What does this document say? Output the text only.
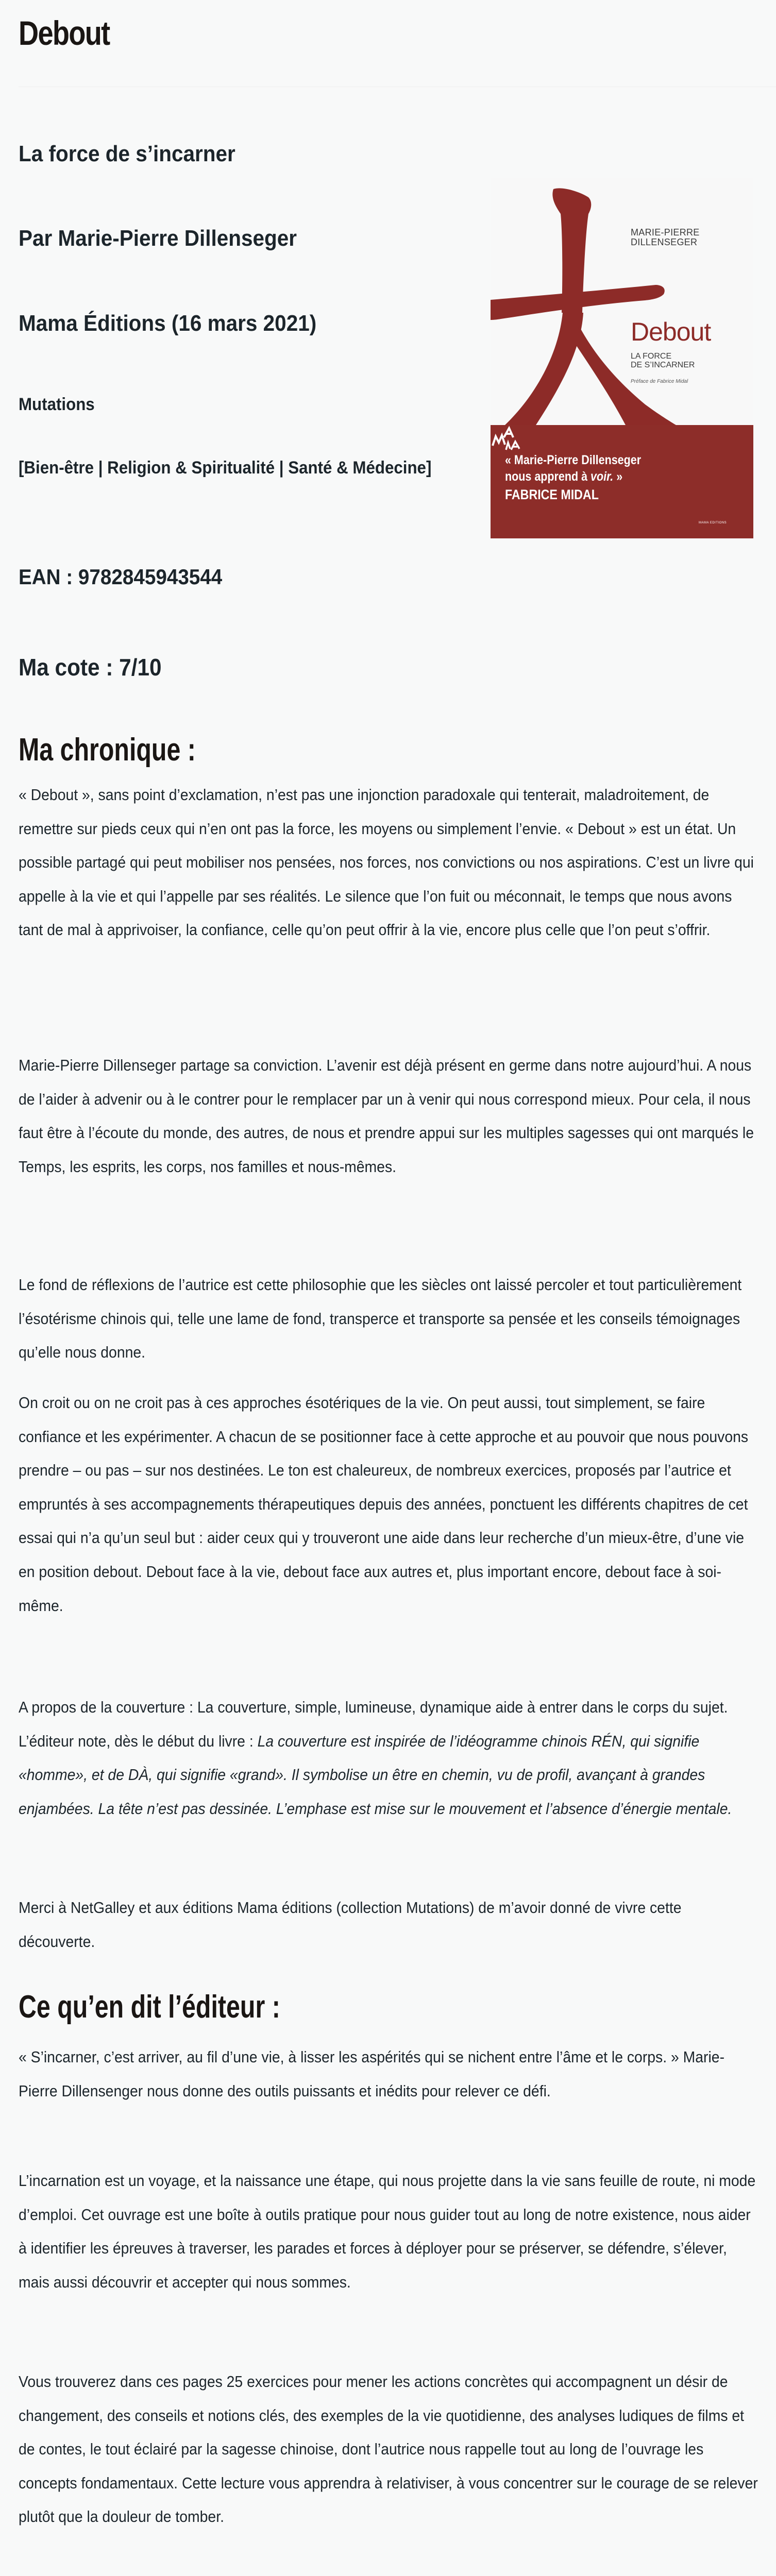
Debout
La force de s’incarner
Par Marie-Pierre Dillenseger
Mama Éditions (16 mars 2021)
Mutations
[Bien-être | Religion & Spiritualité | Santé & Médecine]
EAN : 9782845943544
Ma cote : 7/10
MARIE-PIERRE
DILLENSEGER
Debout
LA FORCE
DE S’INCARNER
Préface de Fabrice Midal
« Marie-Pierre Dillenseger
nous apprend à voir. »
FABRICE MIDAL
MAMA EDITIONS
Ma chronique :

« Debout », sans point d’exclamation, n’est pas une injonction paradoxale qui tenterait, maladroitement, de remettre sur pieds ceux qui n’en ont pas la force, les moyens ou simplement l’envie. « Debout » est un état. Un possible partagé qui peut mobiliser nos pensées, nos forces, nos convictions ou nos aspirations. C’est un livre qui appelle à la vie et qui l’appelle par ses réalités. Le silence que l’on fuit ou méconnait, le temps que nous avons tant de mal à apprivoiser, la confiance, celle qu’on peut offrir à la vie, encore plus celle que l’on peut s’offrir.

Marie-Pierre Dillenseger partage sa conviction. L’avenir est déjà présent en germe dans notre aujourd’hui. A nous de l’aider à advenir ou à le contrer pour le remplacer par un à venir qui nous correspond mieux. Pour cela, il nous faut être à l’écoute du monde, des autres, de nous et prendre appui sur les multiples sagesses qui ont marqués le Temps, les esprits, les corps, nos familles et nous-mêmes.

Le fond de réflexions de l’autrice est cette philosophie que les siècles ont laissé percoler et tout particulièrement l’ésotérisme chinois qui, telle une lame de fond, transperce et transporte sa pensée et les conseils témoignages qu’elle nous donne.

On croit ou on ne croit pas à ces approches ésotériques de la vie. On peut aussi, tout simplement, se faire confiance et les expérimenter. A chacun de se positionner face à cette approche et au pouvoir que nous pouvons prendre – ou pas – sur nos destinées. Le ton est chaleureux, de nombreux exercices, proposés par l’autrice et empruntés à ses accompagnements thérapeutiques depuis des années, ponctuent les différents chapitres de cet essai qui n’a qu’un seul but : aider ceux qui y trouveront une aide dans leur recherche d’un mieux-être, d’une vie en position debout. Debout face à la vie, debout face aux autres et, plus important encore, debout face à soi-même.

A propos de la couverture : La couverture, simple, lumineuse, dynamique aide à entrer dans le corps du sujet. L’éditeur note, dès le début du livre : La couverture est inspirée de l’idéogramme chinois RÉN, qui signifie «homme», et de DÀ, qui signifie «grand». Il symbolise un être en chemin, vu de profil, avançant à grandes enjambées. La tête n’est pas dessinée. L’emphase est mise sur le mouvement et l’absence d’énergie mentale.

Merci à NetGalley et aux éditions Mama éditions (collection Mutations) de m’avoir donné de vivre cette découverte.

Ce qu’en dit l’éditeur :

« S’incarner, c’est arriver, au fil d’une vie, à lisser les aspérités qui se nichent entre l’âme et le corps. » Marie-Pierre Dillensenger nous donne des outils puissants et inédits pour relever ce défi.

L’incarnation est un voyage, et la naissance une étape, qui nous projette dans la vie sans feuille de route, ni mode d’emploi. Cet ouvrage est une boîte à outils pratique pour nous guider tout au long de notre existence, nous aider à identifier les épreuves à traverser, les parades et forces à déployer pour se préserver, se défendre, s’élever, mais aussi découvrir et accepter qui nous sommes.

Vous trouverez dans ces pages 25 exercices pour mener les actions concrètes qui accompagnent un désir de changement, des conseils et notions clés, des exemples de la vie quotidienne, des analyses ludiques de films et de contes, le tout éclairé par la sagesse chinoise, dont l’autrice nous rappelle tout au long de l’ouvrage les concepts fondamentaux. Cette lecture vous apprendra à relativiser, à vous concentrer sur le courage de se relever plutôt que la douleur de tomber.
